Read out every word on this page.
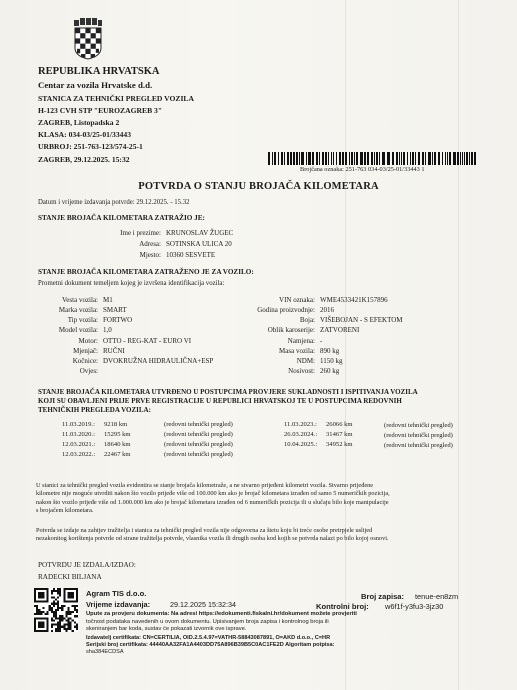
REPUBLIKA HRVATSKA
Centar za vozila Hrvatske d.d.
STANICA ZA TEHNIČKI PREGLED VOZILA
H-123 CVH STP "EUROZAGREB 3"
ZAGREB, Listopadska 2
KLASA: 034-03/25-01/33443
URBROJ: 251-763-123/574-25-1
ZAGREB, 29.12.2025. 15:32
Brojčana oznaka: 251-763 034-03/25-01/33443 1
POTVRDA O STANJU BROJAČA KILOMETARA
Datum i vrijeme izdavanja potvrde: 29.12.2025. - 15.32
STANJE BROJAČA KILOMETARA ZATRAŽIO JE:
Ime i prezime: KRUNOSLAV ŽUGEC
Adresa: SOTINSKA ULICA 20
Mjesto: 10360 SESVETE
STANJE BROJAČA KILOMETARA ZATRAŽENO JE ZA VOZILO:
Prometni dokument temeljem kojeg je izvršena identifikacija vozila:
Vesta vozila: M1
Marka vozila: SMART
Tip vozila: FORTWO
Model vozila: 1,0
Motor: OTTO - REG-KAT - EURO VI
Mjenjač: RUČNI
Kočnice: DVOKRUŽNA HIDRAULIČNA+ESP
Ovjes:
VIN oznaka: WME4533421K157896
Godina proizvodnje: 2016
Boja: VIŠEBOJAN - S EFEKTOM
Oblik karoserije: ZATVORENI
Namjena: -
Masa vozila: 890 kg
NDM: 1150 kg
Nosivost: 260 kg
STANJE BROJAČA KILOMETARA UTVRĐENO U POSTUPCIMA PROVJERE SUKLADNOSTI I ISPITIVANJA VOZILA
KOJI SU OBAVLJENI PRIJE PRVE REGISTRACIJE U REPUBLICI HRVATSKOJ TE U POSTUPCIMA REDOVNIH
TEHNIČKIH PREGLEDA VOZILA:
11.03.2019.: 9218 km	(redovni tehnički pregled)
11.03.2020.: 15295 km	(redovni tehnički pregled)
12.03.2021.: 18640 km	(redovni tehnički pregled)
12.03.2022.: 22467 km	(redovni tehnički pregled)
11.03.2023.: 26066 km	(redovni tehnički pregled)
26.03.2024.: 31467 km	(redovni tehnički pregled)
10.04.2025.: 34952 km	(redovni tehnički pregled)
U stanici za tehnički pregled vozila evidentira se stanje brojača kilometraže, a ne stvarno prijeđeni kilometri vozila. Stvarno prijeđene
kilometre nije moguće utvrditi nakon što vozilo prijeđe više od 100.000 km ako je brojač kilometara izrađen od samo 5 numeričkih pozicija,
nakon što vozilo prijeđe više od 1.000.000 km ako je brojač kilometara izrađen od 6 numeričkih pozicija ili u slučaju bilo koje manipulacije
s brojačem kilometara.
Potvrda se izdaje na zahtjev tražitelja i stanica za tehnički pregled vozila nije odgovorna za štetu koju bi treće osobe pretrpjele uslijed
nezakonitog korištenja potvrde od strane tražitelja potvrde, vlasnika vozila ili drugih osoba kod kojih se potvrda nalazi po bilo kojoj osnovi.
POTVRDU JE IZDALA/IZDAO:
RADECKI BILJANA
Agram TIS d.o.o.
Vrijeme izdavanja:	29.12.2025 15:32:34
Broj zapisa: tenue-en8zm
Kontrolni broj: w6f1f-y3fu3-3jz30
Upute za provjeru dokumenta: Na adresi https://edokumenti.fiskalni.hr/dokument možete provjeriti
točnost podataka navedenih u ovom dokumentu. Upisivanjem broja zapisa i kontrolnog broja ili
skeniranjem bar koda, sustav će pokazati izvornik ove isprave.
Izdavatelj certifikata: CN=CERTILIA, OID.2.5.4.97=VATHR-58843087891, O=AKD d.o.o., C=HR
Serijski broj certifikata: 44440AA32FA1A4403DD75A896B39B5C0AC1FE2D Algoritam potpisa:
sha384ECDSA
